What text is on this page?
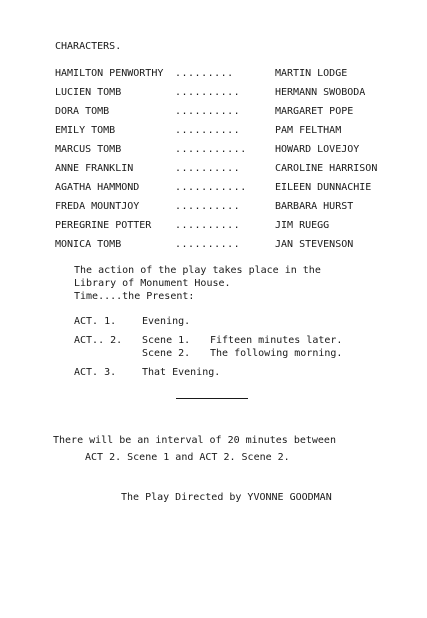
CHARACTERS.
HAMILTON PENWORTHY .........	MARTIN LODGE
LUCIEN TOMB	..........	HERMANN SWOBODA
DORA TOMB	..........	MARGARET POPE
EMILY TOMB	..........	PAM FELTHAM
MARCUS TOMB	...........	HOWARD LOVEJOY
ANNE FRANKLIN	..........	CAROLINE HARRISON
AGATHA HAMMOND	...........	EILEEN DUNNACHIE
FREDA MOUNTJOY	..........	BARBARA HURST
PEREGRINE POTTER ..........	JIM RUEGG
MONICA TOMB	..........	JAN STEVENSON
The action of the play takes place in the
Library of Monument House.
Time....the Present:
ACT. 1.	Evening.
ACT.. 2. Scene 1. Fifteen minutes later.
Scene 2. The following morning.
ACT. 3.	That Evening.
There will be an interval of 20 minutes between
ACT 2. Scene 1 and ACT 2. Scene 2.
The Play Directed by YVONNE GOODMAN
